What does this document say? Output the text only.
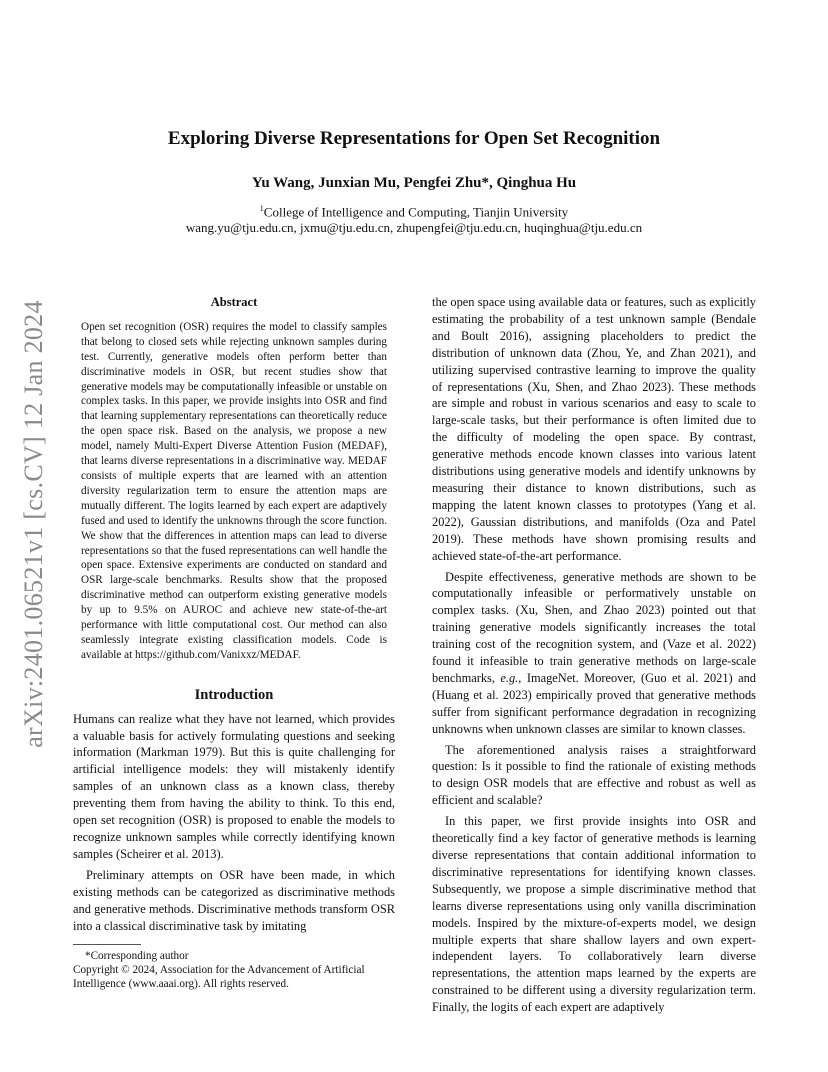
arXiv:2401.06521v1 [cs.CV] 12 Jan 2024
Exploring Diverse Representations for Open Set Recognition
Yu Wang, Junxian Mu, Pengfei Zhu*, Qinghua Hu
$^1$College of Intelligence and Computing, Tianjin University
wang.yu@tju.edu.cn, jxmu@tju.edu.cn, zhupengfei@tju.edu.cn, huqinghua@tju.edu.cn
Abstract
Open set recognition (OSR) requires the model to classify samples that belong to closed sets while rejecting unknown samples during test. Currently, generative models often perform better than discriminative models in OSR, but recent studies show that generative models may be computationally infeasible or unstable on complex tasks. In this paper, we provide insights into OSR and find that learning supplementary representations can theoretically reduce the open space risk. Based on the analysis, we propose a new model, namely Multi-Expert Diverse Attention Fusion (MEDAF), that learns diverse representations in a discriminative way. MEDAF consists of multiple experts that are learned with an attention diversity regularization term to ensure the attention maps are mutually different. The logits learned by each expert are adaptively fused and used to identify the unknowns through the score function. We show that the differences in attention maps can lead to diverse representations so that the fused representations can well handle the open space. Extensive experiments are conducted on standard and OSR large-scale benchmarks. Results show that the proposed discriminative method can outperform existing generative models by up to 9.5% on AUROC and achieve new state-of-the-art performance with little computational cost. Our method can also seamlessly integrate existing classification models. Code is available at https://github.com/Vanixxz/MEDAF.
Introduction

Humans can realize what they have not learned, which provides a valuable basis for actively formulating questions and seeking information (Markman 1979). But this is quite challenging for artificial intelligence models: they will mistakenly identify samples of an unknown class as a known class, thereby preventing them from having the ability to think. To this end, open set recognition (OSR) is proposed to enable the models to recognize unknown samples while correctly identifying known samples (Scheirer et al. 2013).

Preliminary attempts on OSR have been made, in which existing methods can be categorized as discriminative methods and generative methods. Discriminative methods transform OSR into a classical discriminative task by imitating

*Corresponding author
Copyright © 2024, Association for the Advancement of Artificial Intelligence (www.aaai.org). All rights reserved.

the open space using available data or features, such as explicitly estimating the probability of a test unknown sample (Bendale and Boult 2016), assigning placeholders to predict the distribution of unknown data (Zhou, Ye, and Zhan 2021), and utilizing supervised contrastive learning to improve the quality of representations (Xu, Shen, and Zhao 2023). These methods are simple and robust in various scenarios and easy to scale to large-scale tasks, but their performance is often limited due to the difficulty of modeling the open space. By contrast, generative methods encode known classes into various latent distributions using generative models and identify unknowns by measuring their distance to known distributions, such as mapping the latent known classes to prototypes (Yang et al. 2022), Gaussian distributions, and manifolds (Oza and Patel 2019). These methods have shown promising results and achieved state-of-the-art performance.

Despite effectiveness, generative methods are shown to be computationally infeasible or performatively unstable on complex tasks. (Xu, Shen, and Zhao 2023) pointed out that training generative models significantly increases the total training cost of the recognition system, and (Vaze et al. 2022) found it infeasible to train generative methods on large-scale benchmarks, e.g., ImageNet. Moreover, (Guo et al. 2021) and (Huang et al. 2023) empirically proved that generative methods suffer from significant performance degradation in recognizing unknowns when unknown classes are similar to known classes.

The aforementioned analysis raises a straightforward question: Is it possible to find the rationale of existing methods to design OSR models that are effective and robust as well as efficient and scalable?

In this paper, we first provide insights into OSR and theoretically find a key factor of generative methods is learning diverse representations that contain additional information to discriminative representations for identifying known classes. Subsequently, we propose a simple discriminative method that learns diverse representations using only vanilla discrimination models. Inspired by the mixture-of-experts model, we design multiple experts that share shallow layers and own expert-independent layers. To collaboratively learn diverse representations, the attention maps learned by the experts are constrained to be different using a diversity regularization term. Finally, the logits of each expert are adaptively
